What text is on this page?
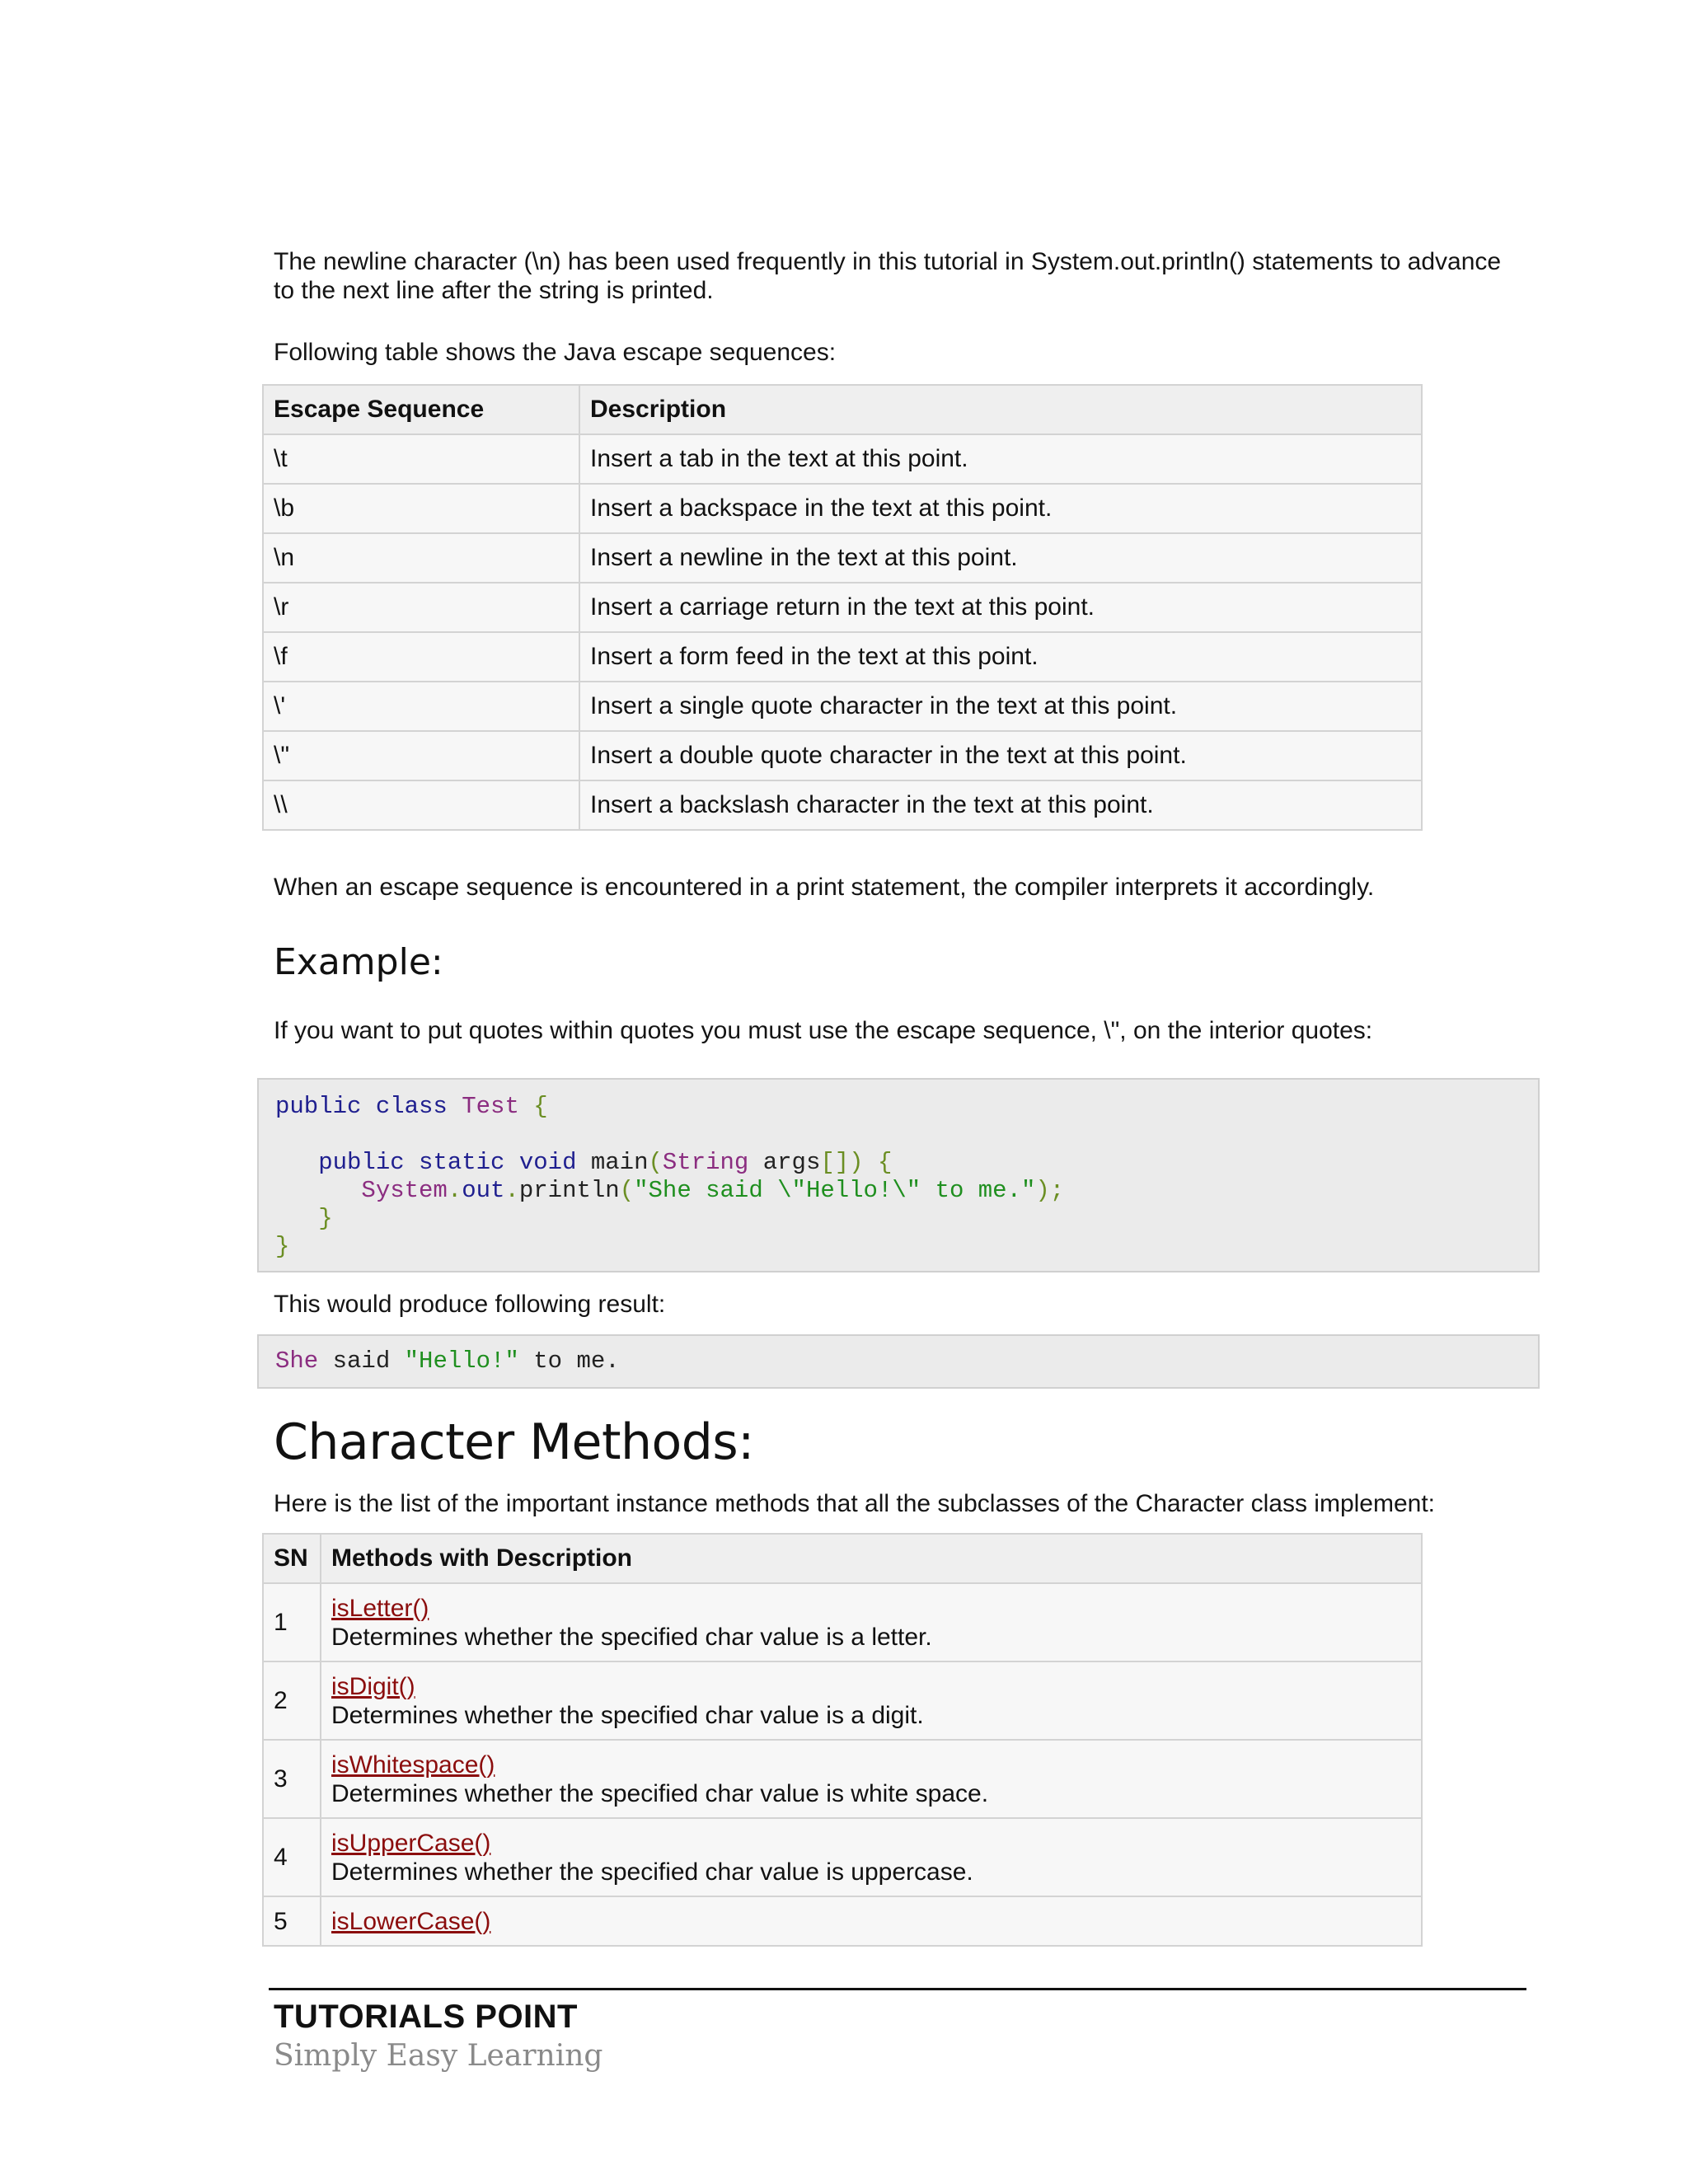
The newline character (\n) has been used frequently in this tutorial in System.out.println() statements to advance

to the next line after the string is printed.

Following table shows the Java escape sequences:

Escape Sequence	Description
\t	Insert a tab in the text at this point.
\b	Insert a backspace in the text at this point.
\n	Insert a newline in the text at this point.
\r	Insert a carriage return in the text at this point.
\f	Insert a form feed in the text at this point.
\'	Insert a single quote character in the text at this point.
\"	Insert a double quote character in the text at this point.
\\	Insert a backslash character in the text at this point.

When an escape sequence is encountered in a print statement, the compiler interprets it accordingly.

Example:

If you want to put quotes within quotes you must use the escape sequence, \", on the interior quotes:

public class Test {
public static void main(String args[]) {
System.out.println("She said \"Hello!\" to me.");
}
}

This would produce following result:

She said "Hello!" to me.
Character Methods:

Here is the list of the important instance methods that all the subclasses of the Character class implement:

SN	Methods with Description
1	isLetter()
Determines whether the specified char value is a letter.

2	isDigit()
Determines whether the specified char value is a digit.

3	isWhitespace()
Determines whether the specified char value is white space.

4	isUpperCase()
Determines whether the specified char value is uppercase.

5	isLowerCase()
TUTORIALS POINT
Simply Easy Learning
